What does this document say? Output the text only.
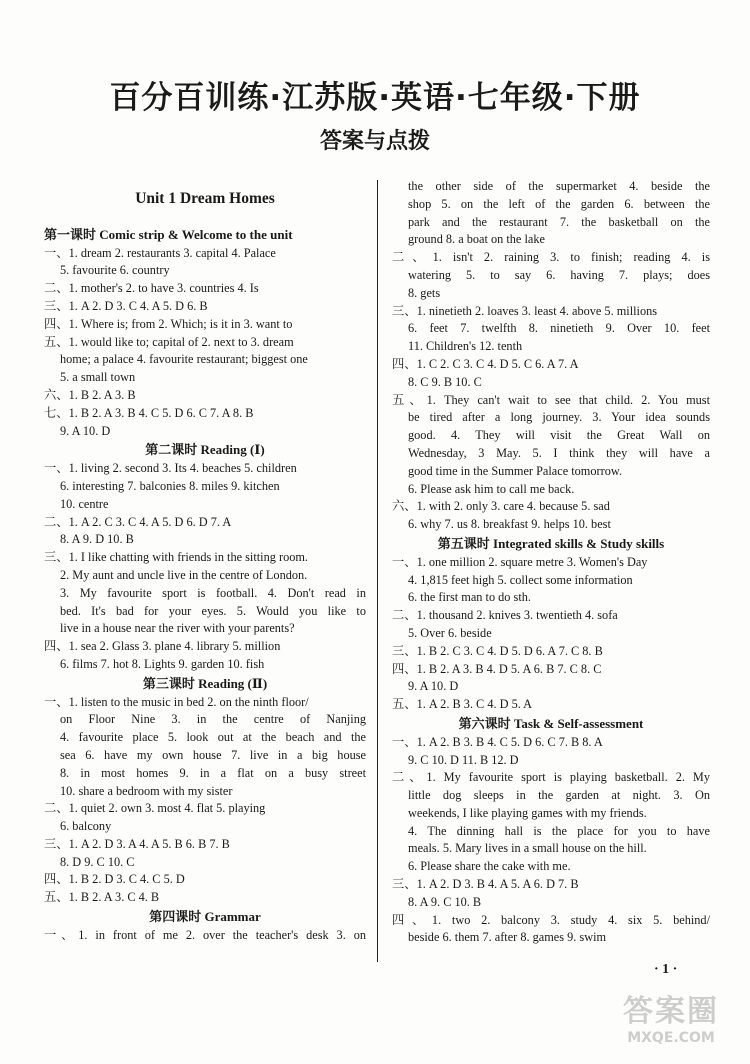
百分百训练·江苏版·英语·七年级·下册
答案与点拨
Unit 1 Dream Homes
第一课时 Comic strip & Welcome to the unit
一、1. dream 2. restaurants 3. capital 4. Palace
5. favourite 6. country
二、1. mother's 2. to have 3. countries 4. Is
三、1. A 2. D 3. C 4. A 5. D 6. B
四、1. Where is; from 2. Which; is it in 3. want to
五、1. would like to; capital of 2. next to 3. dream
home; a palace 4. favourite restaurant; biggest one
5. a small town
六、1. B 2. A 3. B
七、1. B 2. A 3. B 4. C 5. D 6. C 7. A 8. B
9. A 10. D
第二课时 Reading (Ⅰ)
一、1. living 2. second 3. Its 4. beaches 5. children
6. interesting 7. balconies 8. miles 9. kitchen
10. centre
二、1. A 2. C 3. C 4. A 5. D 6. D 7. A
8. A 9. D 10. B
三、1. I like chatting with friends in the sitting room.
2. My aunt and uncle live in the centre of London.
3. My favourite sport is football. 4. Don't read in
bed. It's bad for your eyes. 5. Would you like to
live in a house near the river with your parents?
四、1. sea 2. Glass 3. plane 4. library 5. million
6. films 7. hot 8. Lights 9. garden 10. fish
第三课时 Reading (Ⅱ)
一、1. listen to the music in bed 2. on the ninth floor/
on Floor Nine 3. in the centre of Nanjing
4. favourite place 5. look out at the beach and the
sea 6. have my own house 7. live in a big house
8. in most homes 9. in a flat on a busy street
10. share a bedroom with my sister
二、1. quiet 2. own 3. most 4. flat 5. playing
6. balcony
三、1. A 2. D 3. A 4. A 5. B 6. B 7. B
8. D 9. C 10. C
四、1. B 2. D 3. C 4. C 5. D
五、1. B 2. A 3. C 4. B
第四课时 Grammar
一、1. in front of me 2. over the teacher's desk 3. on
the other side of the supermarket 4. beside the
shop 5. on the left of the garden 6. between the
park and the restaurant 7. the basketball on the
ground 8. a boat on the lake
二、1. isn't 2. raining 3. to finish; reading 4. is
watering 5. to say 6. having 7. plays; does
8. gets
三、1. ninetieth 2. loaves 3. least 4. above 5. millions
6. feet 7. twelfth 8. ninetieth 9. Over 10. feet
11. Children's 12. tenth
四、1. C 2. C 3. C 4. D 5. C 6. A 7. A
8. C 9. B 10. C
五、1. They can't wait to see that child. 2. You must
be tired after a long journey. 3. Your idea sounds
good. 4. They will visit the Great Wall on
Wednesday, 3 May. 5. I think they will have a
good time in the Summer Palace tomorrow.
6. Please ask him to call me back.
六、1. with 2. only 3. care 4. because 5. sad
6. why 7. us 8. breakfast 9. helps 10. best
第五课时 Integrated skills & Study skills
一、1. one million 2. square metre 3. Women's Day
4. 1,815 feet high 5. collect some information
6. the first man to do sth.
二、1. thousand 2. knives 3. twentieth 4. sofa
5. Over 6. beside
三、1. B 2. C 3. C 4. D 5. D 6. A 7. C 8. B
四、1. B 2. A 3. B 4. D 5. A 6. B 7. C 8. C
9. A 10. D
五、1. A 2. B 3. C 4. D 5. A
第六课时 Task & Self-assessment
一、1. A 2. B 3. B 4. C 5. D 6. C 7. B 8. A
9. C 10. D 11. B 12. D
二、1. My favourite sport is playing basketball. 2. My
little dog sleeps in the garden at night. 3. On
weekends, I like playing games with my friends.
4. The dinning hall is the place for you to have
meals. 5. Mary lives in a small house on the hill.
6. Please share the cake with me.
三、1. A 2. D 3. B 4. A 5. A 6. D 7. B
8. A 9. C 10. B
四、1. two 2. balcony 3. study 4. six 5. behind/
beside 6. them 7. after 8. games 9. swim
· 1 ·
答案圈
MXQE.COM
